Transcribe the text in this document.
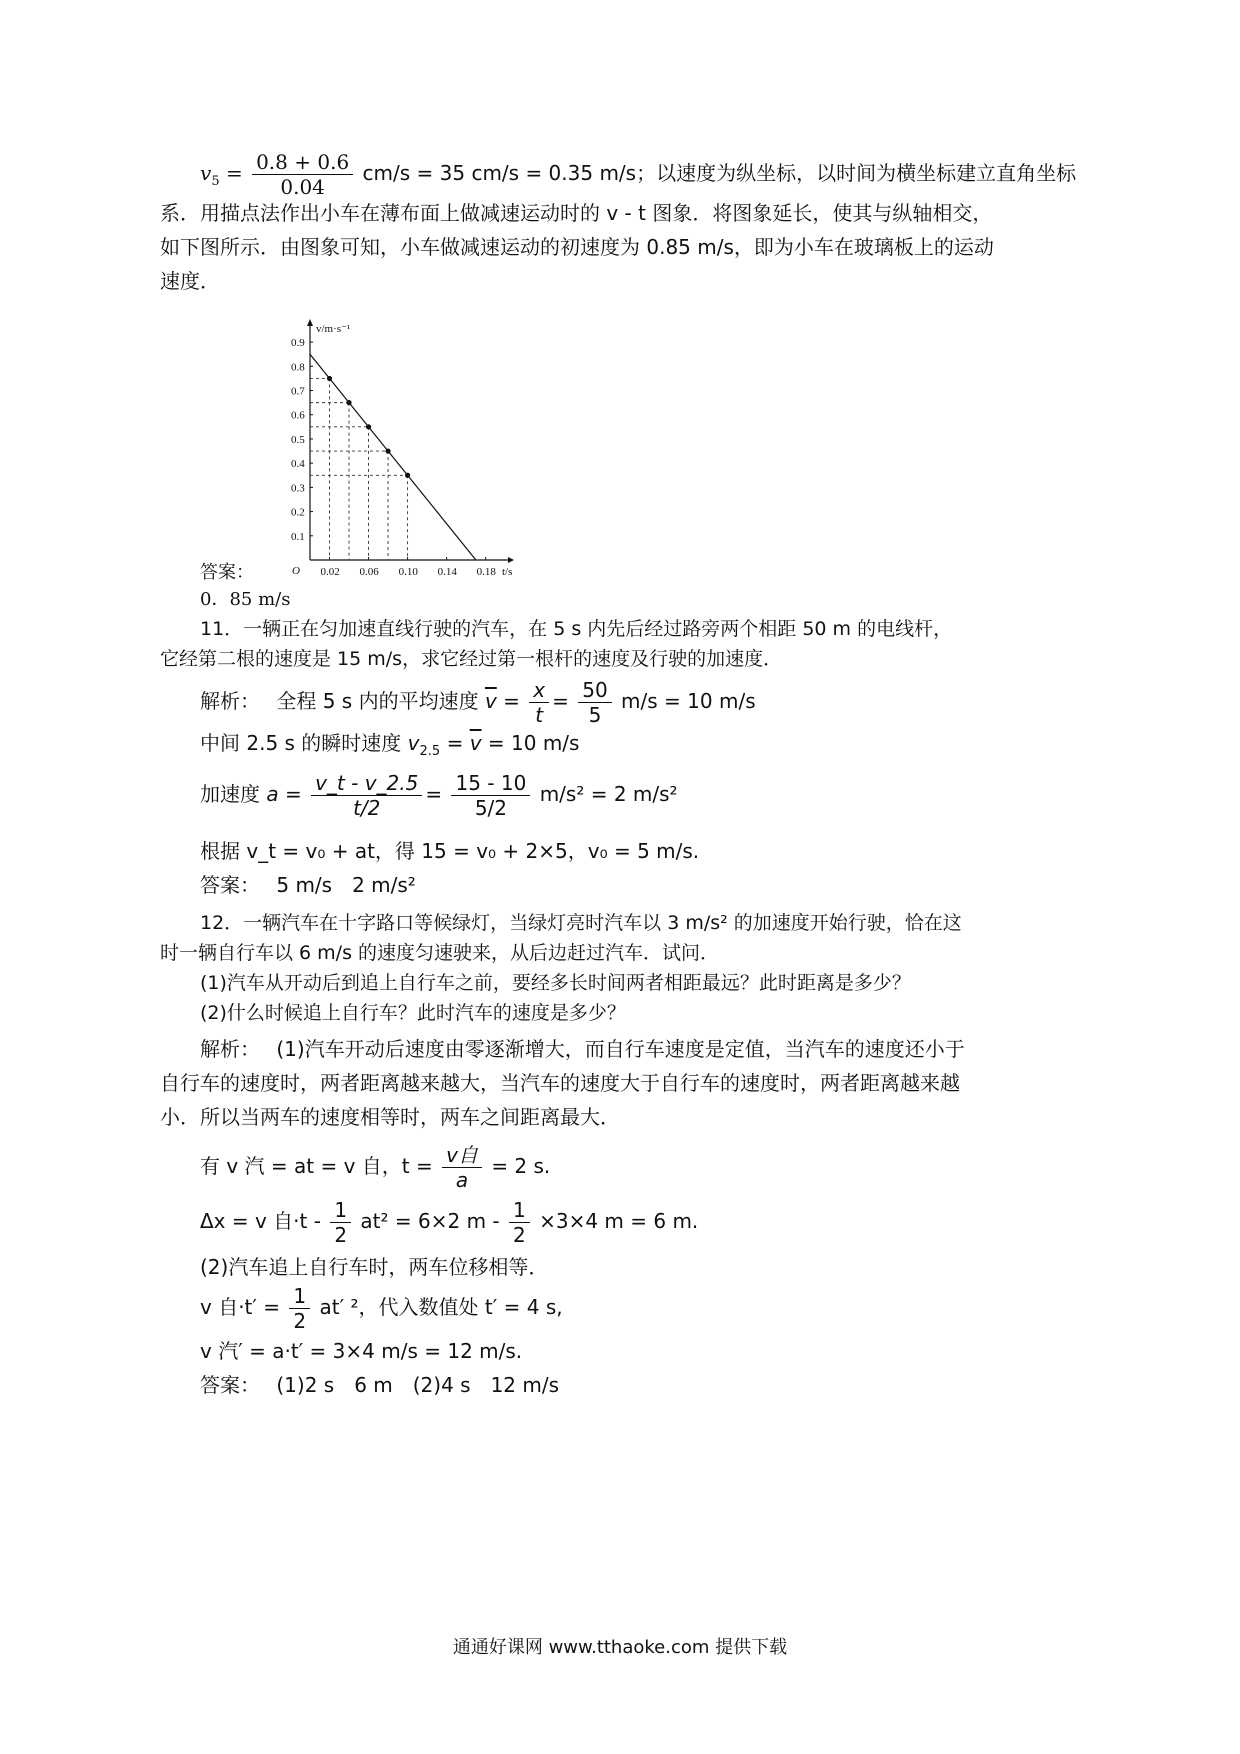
$v_5 = \frac{0.8 + 0.6}{0.04} cm/s = 35$ cm/s = 0.35 m/s；以速度为纵坐标，以时间为横坐标建立直角坐标
系．用描点法作出小车在薄布面上做减速运动时的 v - t 图象．将图象延长，使其与纵轴相交，
如下图所示．由图象可知，小车做减速运动的初速度为 0.85 m/s，即为小车在玻璃板上的运动
速度．
v/m·s⁻¹
t/s
O
0.1
0.2
0.3
0.4
0.5
0.6
0.7
0.8
0.9
0.02 0.06 0.10 0.14 0.18
答案：
0．85 m/s
11．一辆正在匀加速直线行驶的汽车，在 5 s 内先后经过路旁两个相距 50 m 的电线杆，
它经第二根的速度是 15 m/s，求它经过第一根杆的速度及行驶的加速度．
解析：　 全程 5 s 内的平均速度 $\overline{v} = \frac{x}{t} = \frac{50}{5} m/s = 10$ m/s
中间 2.5 s 的瞬时速度 $v_{2.5} = \overline{v} = 10$ m/s
加速度 $a = \frac{v\_t - v\_2.5}{t/2} = \frac{15 - 10}{5/2} m/s^2 = 2$ m/s²
根据 v_t = v₀ + at，得 15 = v₀ + 2×5，v₀ = 5 m/s.
答案：　 5 m/s　2 m/s²
12．一辆汽车在十字路口等候绿灯，当绿灯亮时汽车以 3 m/s² 的加速度开始行驶，恰在这
时一辆自行车以 6 m/s 的速度匀速驶来，从后边赶过汽车．试问．
(1)汽车从开动后到追上自行车之前，要经多长时间两者相距最远？此时距离是多少？
(2)什么时候追上自行车？此时汽车的速度是多少？
解析：　 (1)汽车开动后速度由零逐渐增大，而自行车速度是定值，当汽车的速度还小于
自行车的速度时，两者距离越来越大，当汽车的速度大于自行车的速度时，两者距离越来越
小．所以当两车的速度相等时，两车之间距离最大．
有 v 汽 = at = v 自，$t = \frac{\text{v自}}{a} = 2$ s.
Δx = v 自$\cdot t - \frac{1}{2} at^2 = 6\times 2$ $m - \frac{1}{2} \times 3\times 4$ m = 6 m.
(2)汽车追上自行车时，两车位移相等．
v 自$\cdot t' = \frac{1}{2} at'$ ²，代入数值处 t′ = 4 s,
v 汽′ = a·t′ = 3×4 m/s = 12 m/s.
答案：　 (1)2 s　6 m　(2)4 s　12 m/s
通通好课网 www.tthaoke.com 提供下载
